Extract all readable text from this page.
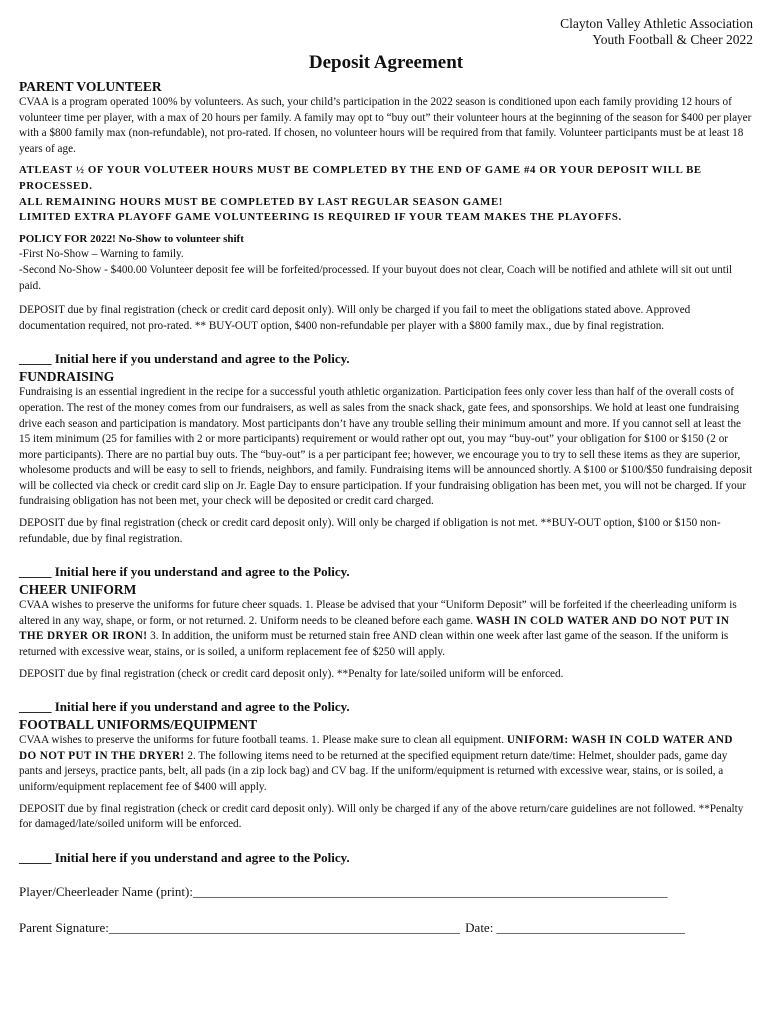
Clayton Valley Athletic Association
Youth Football & Cheer 2022
Deposit Agreement
PARENT VOLUNTEER

CVAA is a program operated 100% by volunteers. As such, your child’s participation in the 2022 season is conditioned upon each family providing 12 hours of volunteer time per player, with a max of 20 hours per family. A family may opt to “buy out” their volunteer hours at the beginning of the season for $400 per player with a $800 family max (non-refundable), not pro-rated. If chosen, no volunteer hours will be required from that family. Volunteer participants must be at least 18 years of age.

ATLEAST ½ OF YOUR VOLUTEER HOURS MUST BE COMPLETED BY THE END OF GAME #4 OR YOUR DEPOSIT WILL BE PROCESSED.

ALL REMAINING HOURS MUST BE COMPLETED BY LAST REGULAR SEASON GAME!

LIMITED EXTRA PLAYOFF GAME VOLUNTEERING IS REQUIRED IF YOUR TEAM MAKES THE PLAYOFFS.

POLICY FOR 2022! No-Show to volunteer shift

-First No-Show – Warning to family.

-Second No-Show - $400.00 Volunteer deposit fee will be forfeited/processed. If your buyout does not clear, Coach will be notified and athlete will sit out until paid.

DEPOSIT due by final registration (check or credit card deposit only). Will only be charged if you fail to meet the obligations stated above. Approved documentation required, not pro-rated. ** BUY-OUT option, $400 non-refundable per player with a $800 family max., due by final registration.

_____ Initial here if you understand and agree to the Policy.
FUNDRAISING

Fundraising is an essential ingredient in the recipe for a successful youth athletic organization. Participation fees only cover less than half of the overall costs of operation. The rest of the money comes from our fundraisers, as well as sales from the snack shack, gate fees, and sponsorships. We hold at least one fundraising drive each season and participation is mandatory. Most participants don’t have any trouble selling their minimum amount and more. If you cannot sell at least the 15 item minimum (25 for families with 2 or more participants) requirement or would rather opt out, you may “buy-out” your obligation for $100 or $150 (2 or more participants). There are no partial buy outs. The “buy-out” is a per participant fee; however, we encourage you to try to sell these items as they are superior, wholesome products and will be easy to sell to friends, neighbors, and family. Fundraising items will be announced shortly. A $100 or $100/$50 fundraising deposit will be collected via check or credit card slip on Jr. Eagle Day to ensure participation. If your fundraising obligation has been met, you will not be charged. If your fundraising obligation has not been met, your check will be deposited or credit card charged.

DEPOSIT due by final registration (check or credit card deposit only). Will only be charged if obligation is not met. **BUY-OUT option, $100 or $150 non-refundable, due by final registration.

_____ Initial here if you understand and agree to the Policy.
CHEER UNIFORM

CVAA wishes to preserve the uniforms for future cheer squads. 1. Please be advised that your “Uniform Deposit” will be forfeited if the cheerleading uniform is altered in any way, shape, or form, or not returned. 2. Uniform needs to be cleaned before each game. WASH IN COLD WATER AND DO NOT PUT IN THE DRYER OR IRON! 3. In addition, the uniform must be returned stain free AND clean within one week after last game of the season. If the uniform is returned with excessive wear, stains, or is soiled, a uniform replacement fee of $250 will apply.

DEPOSIT due by final registration (check or credit card deposit only). **Penalty for late/soiled uniform will be enforced.

_____ Initial here if you understand and agree to the Policy.
FOOTBALL UNIFORMS/EQUIPMENT

CVAA wishes to preserve the uniforms for future football teams. 1. Please make sure to clean all equipment. UNIFORM: WASH IN COLD WATER AND DO NOT PUT IN THE DRYER! 2. The following items need to be returned at the specified equipment return date/time: Helmet, shoulder pads, game day pants and jerseys, practice pants, belt, all pads (in a zip lock bag) and CV bag. If the uniform/equipment is returned with excessive wear, stains, or is soiled, a uniform/equipment replacement fee of $400 will apply.

DEPOSIT due by final registration (check or credit card deposit only). Will only be charged if any of the above return/care guidelines are not followed. **Penalty for damaged/late/soiled uniform will be enforced.

_____ Initial here if you understand and agree to the Policy.
Player/Cheerleader Name (print):_________________________________________________________________________
Parent Signature:______________________________________________________ Date: _____________________________
